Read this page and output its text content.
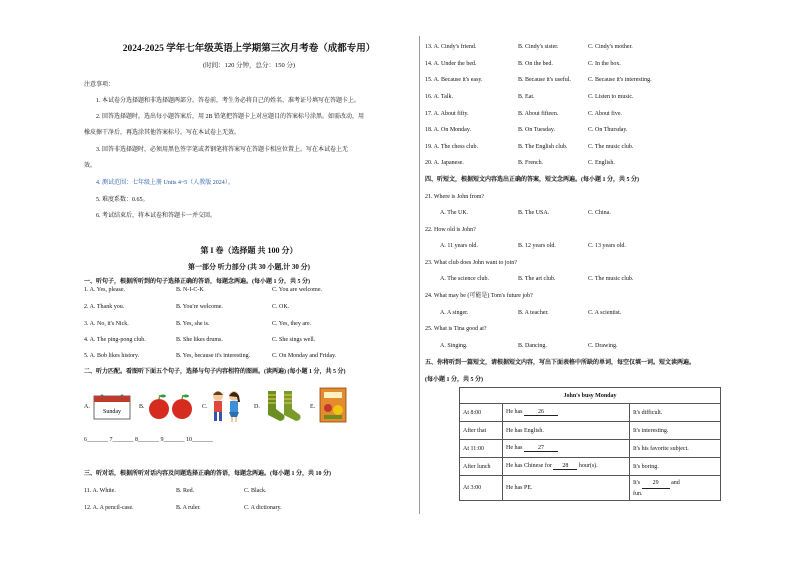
2024-2025 学年七年级英语上学期第三次月考卷（成都专用）
(时间：120 分钟，总分：150 分)
注意事项：
1. 本试卷分选择题和非选择题两部分。答卷前，考生务必将自己的姓名、准考证号填写在答题卡上。
2. 回答选择题时，选出每小题答案后，用 2B 铅笔把答题卡上对应题目的答案标号涂黑。如需改动，用
橡皮擦干净后，再选涂其他答案标号。写在本试卷上无效。
3. 回答非选择题时，必须用黑色签字笔或者钢笔将答案写在答题卡相应位置上。写在本试卷上无
效。
4. 测试范围：七年级上册 Units 4~5（人教版 2024）。
5. 难度系数：0.65。
6. 考试结束后，将本试卷和答题卡一并交回。
第 I 卷（选择题 共 100 分）
第一部分 听力部分 (共 30 小题,计 30 分)
一、听句子，根据所听到的句子选择正确的答语，每题念两遍。(每小题 1 分，共 5 分)
1. A. Yes, please.	B. N-I-C-K	C. You are welcome.
2. A. Thank you.	B. You're welcome.	C. OK.
3. A. No, it's Nick.	B. Yes, she is.	C. Yes, they are.
4. A. The ping-pong club.	B. She likes drums.	C. She sings well.
5. A. Bob likes history.	B. Yes, because it's interesting.	C. On Monday and Friday.
二、听力匹配。看图听下面五个句子，选择与句子内容相符的图画。(读两遍) (每小题 1 分，共 5 分)
A.
Sunday
B.	C.	D.	E.
6_______ 7_______ 8_______ 9_______ 10_______
三、听对话，根据所听对话内容及问题选择正确的答语，每题念两遍。(每小题 1 分，共 10 分)
11. A. White.	B. Red.	C. Black.
12. A. A pencil-case.	B. A ruler.	C. A dictionary.
13. A. Cindy's friend.	B. Cindy's sister.	C. Cindy's mother.
14. A. Under the bed.	B. On the bed.	C. In the box.
15. A. Because it's easy.	B. Because it's useful.	C. Because it's interesting.
16. A. Talk.	B. Eat.	C. Listen to music.
17. A. About fifty.	B. About fifteen.	C. About five.
18. A. On Monday.	B. On Tuesday.	C. On Thursday.
19. A. The chess club.	B. The English club.	C. The music club.
20. A. Japanese.	B. French.	C. English.
四、听短文，根据短文内容选出正确的答案，短文念两遍。(每小题 1 分，共 5 分)
21. Where is John from?
A. The UK.	B. The USA.	C. China.
22. How old is John?
A. 11 years old.	B. 12 years old.	C. 13 years old.
23. What club does John want to join?
A. The science club.	B. The art club.	C. The music club.
24. What may be (可能是) Tom's future job?
A. A singer.	B. A teacher.	C. A scientist.
25. What is Tina good at?
A. Singing.	B. Dancing.	C. Drawing.
五、你将听到一篇短文，请根据短文内容，写出下面表格中所缺的单词，每空仅填一词。短文读两遍。
(每小题 1 分，共 5 分)
John's busy Monday		
At 8:00	He has 26	It's difficult.
After that	He has English.	It's interesting.
At 11:00	He has 27	It's his favorite subject.
After lunch	He has Chinese for 28 hour(s).	It's boring.
At 3:00	He has PE.	It's 29 and
fun.
